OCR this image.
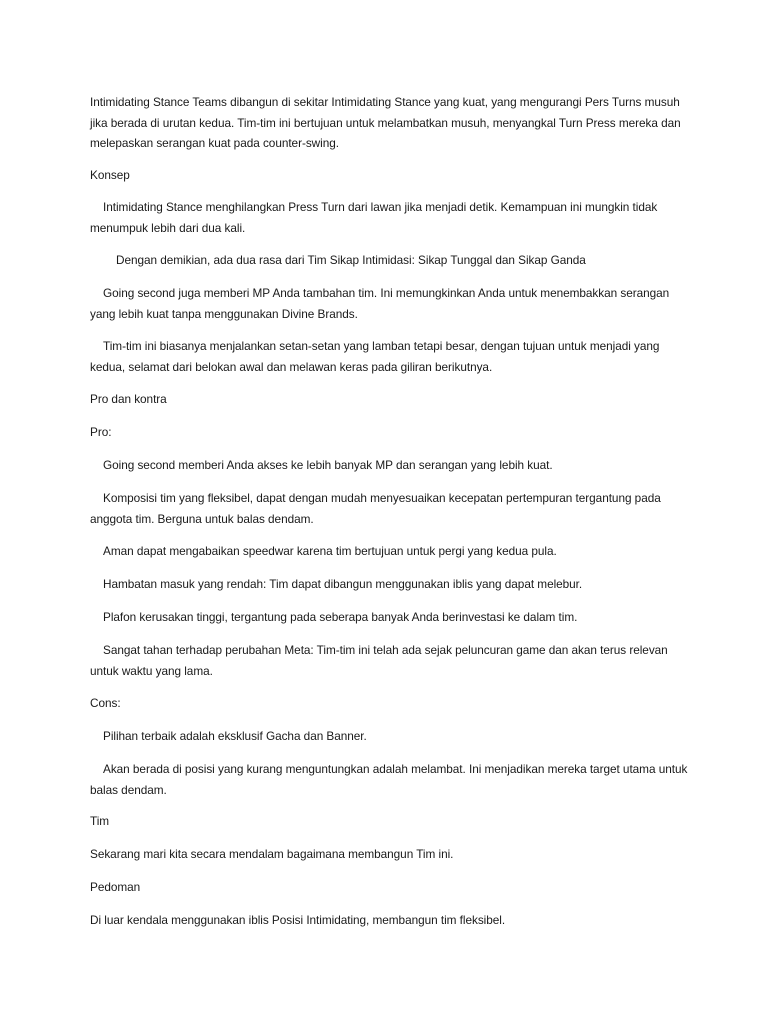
Intimidating Stance Teams dibangun di sekitar Intimidating Stance yang kuat, yang mengurangi Pers Turns musuh jika berada di urutan kedua. Tim-tim ini bertujuan untuk melambatkan musuh, menyangkal Turn Press mereka dan melepaskan serangan kuat pada counter-swing.

Konsep

Intimidating Stance menghilangkan Press Turn dari lawan jika menjadi detik. Kemampuan ini mungkin tidak menumpuk lebih dari dua kali.

Dengan demikian, ada dua rasa dari Tim Sikap Intimidasi: Sikap Tunggal dan Sikap Ganda

Going second juga memberi MP Anda tambahan tim. Ini memungkinkan Anda untuk menembakkan serangan yang lebih kuat tanpa menggunakan Divine Brands.

Tim-tim ini biasanya menjalankan setan-setan yang lamban tetapi besar, dengan tujuan untuk menjadi yang kedua, selamat dari belokan awal dan melawan keras pada giliran berikutnya.

Pro dan kontra

Pro:

Going second memberi Anda akses ke lebih banyak MP dan serangan yang lebih kuat.

Komposisi tim yang fleksibel, dapat dengan mudah menyesuaikan kecepatan pertempuran tergantung pada anggota tim. Berguna untuk balas dendam.

Aman dapat mengabaikan speedwar karena tim bertujuan untuk pergi yang kedua pula.

Hambatan masuk yang rendah: Tim dapat dibangun menggunakan iblis yang dapat melebur.

Plafon kerusakan tinggi, tergantung pada seberapa banyak Anda berinvestasi ke dalam tim.

Sangat tahan terhadap perubahan Meta: Tim-tim ini telah ada sejak peluncuran game dan akan terus relevan untuk waktu yang lama.

Cons:

Pilihan terbaik adalah eksklusif Gacha dan Banner.

Akan berada di posisi yang kurang menguntungkan adalah melambat. Ini menjadikan mereka target utama untuk balas dendam.

Tim

Sekarang mari kita secara mendalam bagaimana membangun Tim ini.

Pedoman

Di luar kendala menggunakan iblis Posisi Intimidating, membangun tim fleksibel.
